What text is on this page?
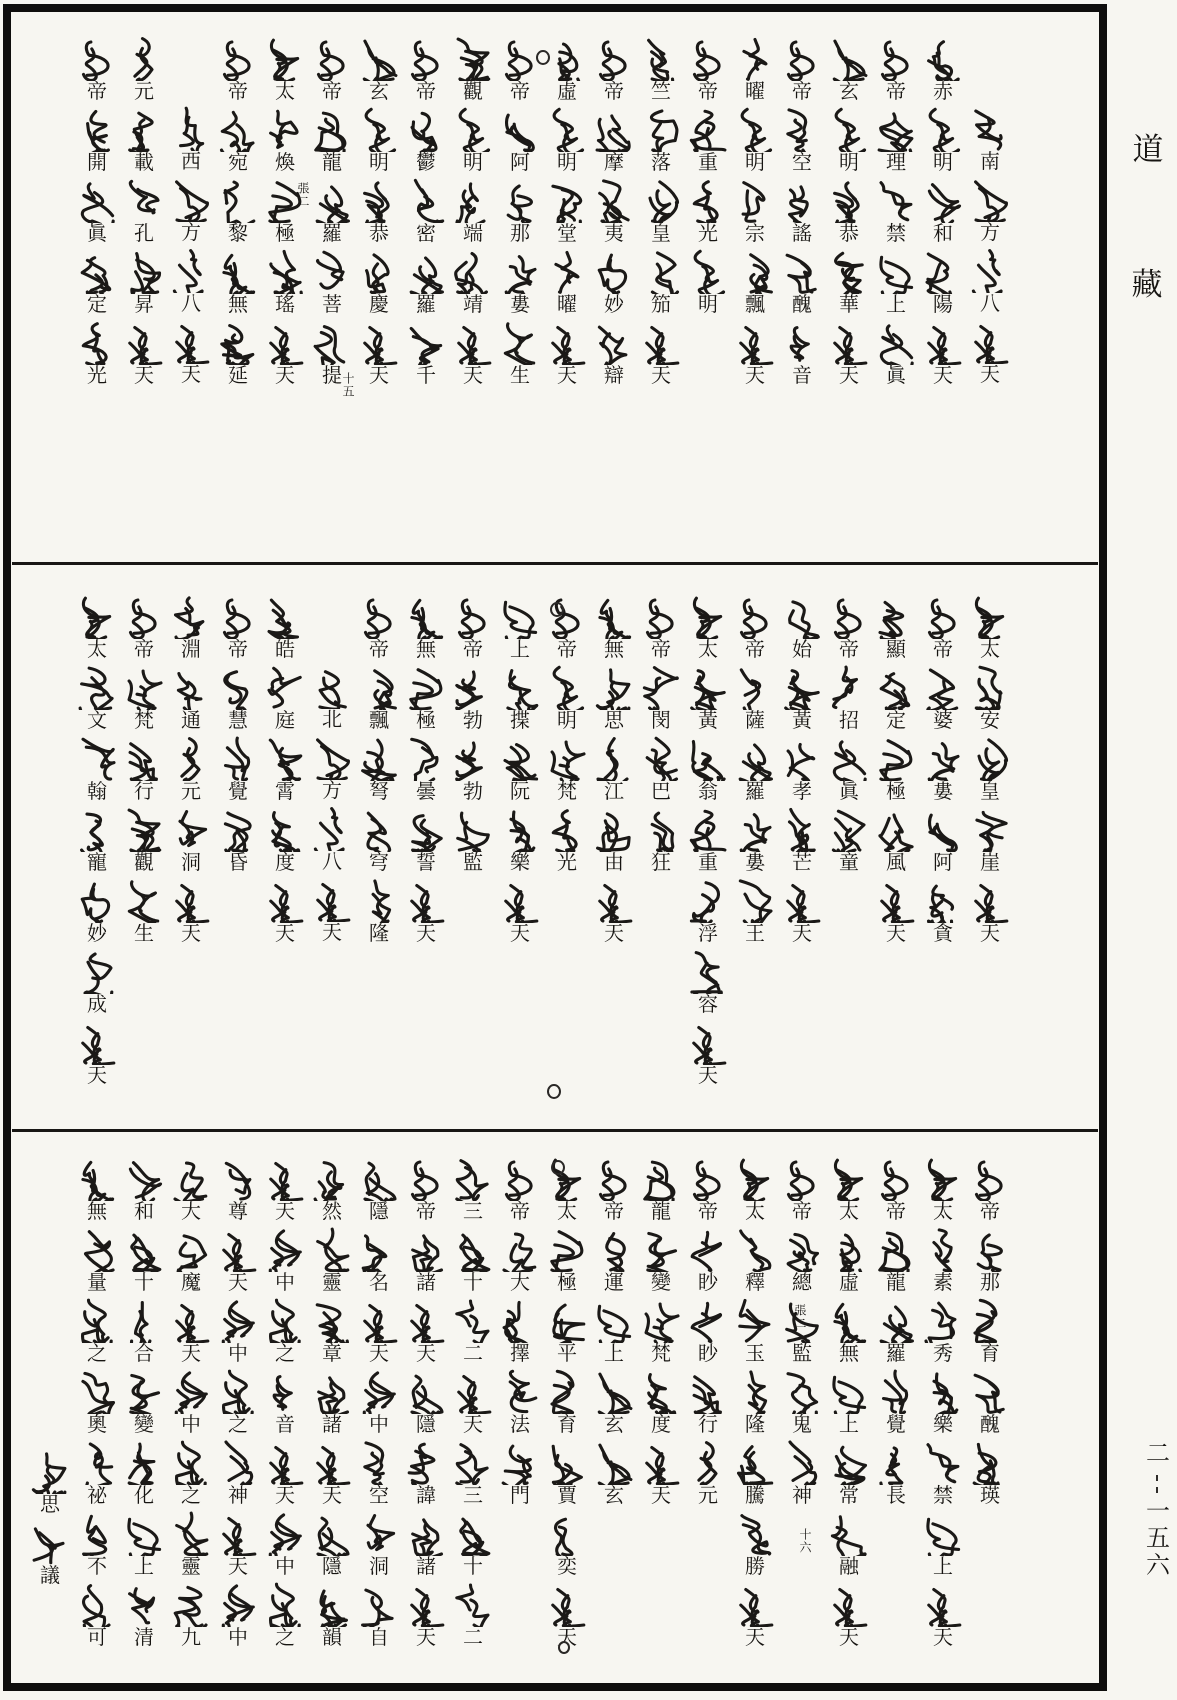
南
方
八
天
赤
明
和
陽
天
帝
理
禁
上
眞
玄
明
恭
華
天
帝
空
謠
醜
音
曜
明
宗
飄
天
帝
重
光
明
竺
落
皇
笳
天
帝
摩
夷
妙
辯
虛
明
堂
曜
天
帝
阿
那
婁
生
觀
明
端
靖
天
帝
鬱
密
羅
千
玄
明
恭
慶
天
帝
龍
羅
菩
提
太
煥
極
瑤
天
帝
宛
黎
無
延
西
方
八
天
元
載
孔
昇
天
帝
開
眞
定
光
張二
十五
太
安
皇
崖
天
帝
婆
婁
阿
貪
顯
定
極
風
天
帝
招
眞
童
始
黃
孝
芒
天
帝
薩
羅
婁
王
太
黃
翁
重
浮
容
天
帝
閔
巴
狂
無
思
江
由
天
帝
明
梵
光
上
揲
阮
樂
天
帝
勃
勃
監
無
極
曇
誓
天
帝
飄
弩
穹
隆
北
方
八
天
皓
庭
霄
度
天
帝
慧
覺
昏
淵
通
元
洞
天
帝
梵
行
觀
生
太
文
翰
寵
妙
成
天
帝
那
育
醜
瑛
太
素
秀
樂
禁
上
天
帝
龍
羅
覺
長
太
虛
無
上
常
融
天
帝
總
監
鬼
神
太
釋
玉
隆
騰
勝
天
帝
眇
眇
行
元
龍
變
梵
度
天
帝
運
上
玄
玄
太
極
平
育
賈
奕
天
帝
大
擇
法
門
三
十
二
天
三
十
二
帝
諸
天
隱
諱
諸
天
隱
名
天
中
空
洞
自
然
靈
章
諸
天
隱
韻
天
中
之
音
天
中
之
尊
天
中
之
神
天
中
大
魔
天
中
之
靈
九
和
十
合
變
化
上
清
無
量
之
奧
祕
不
可
思
議
張二
十六
道
藏
二
一
五
六
